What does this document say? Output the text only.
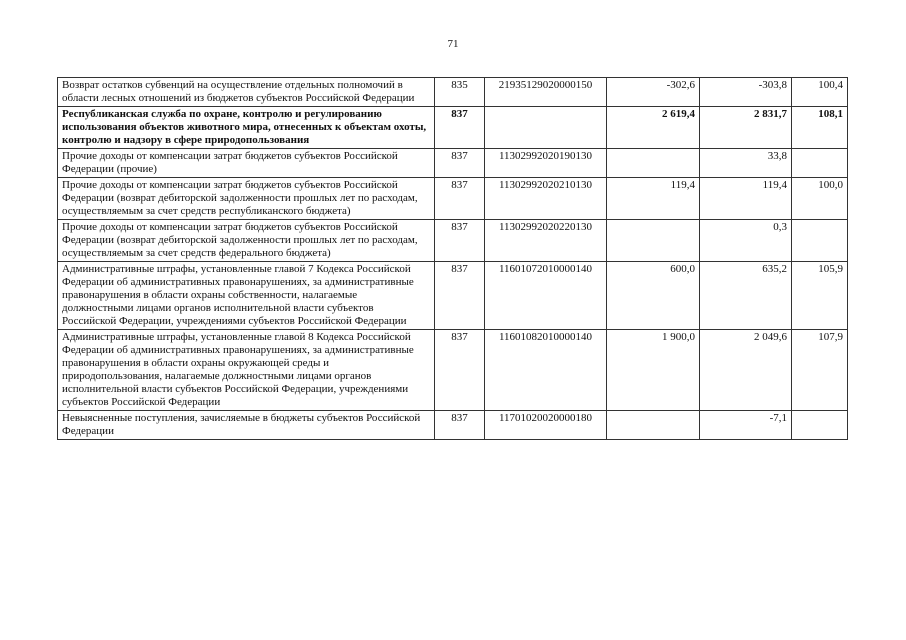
71
Возврат остатков субвенций на осуществление отдельных полномочий в области лесных отношений из бюджетов субъектов Российской Федерации	835	21935129020000150	-302,6	-303,8	100,4
Республиканская служба по охране, контролю и регулированию использования объектов животного мира, отнесенных к объектам охоты, контролю и надзору в сфере природопользования	837		2 619,4	2 831,7	108,1
Прочие доходы от компенсации затрат бюджетов субъектов Российской Федерации (прочие)	837	11302992020190130		33,8	
Прочие доходы от компенсации затрат бюджетов субъектов Российской Федерации (возврат дебиторской задолженности прошлых лет по расходам, осуществляемым за счет средств республиканского бюджета)	837	11302992020210130	119,4	119,4	100,0
Прочие доходы от компенсации затрат бюджетов субъектов Российской Федерации (возврат дебиторской задолженности прошлых лет по расходам, осуществляемым за счет средств федерального бюджета)	837	11302992020220130		0,3	
Административные штрафы, установленные главой 7 Кодекса Российской Федерации об административных правонарушениях, за административные правонарушения в области охраны собственности, налагаемые должностными лицами органов исполнительной власти субъектов Российской Федерации, учреждениями субъектов Российской Федерации	837	11601072010000140	600,0	635,2	105,9
Административные штрафы, установленные главой 8 Кодекса Российской Федерации об административных правонарушениях, за административные правонарушения в области охраны окружающей среды и природопользования, налагаемые должностными лицами органов исполнительной власти субъектов Российской Федерации, учреждениями субъектов Российской Федерации	837	11601082010000140	1 900,0	2 049,6	107,9
Невыясненные поступления, зачисляемые в бюджеты субъектов Российской Федерации	837	11701020020000180		-7,1	
